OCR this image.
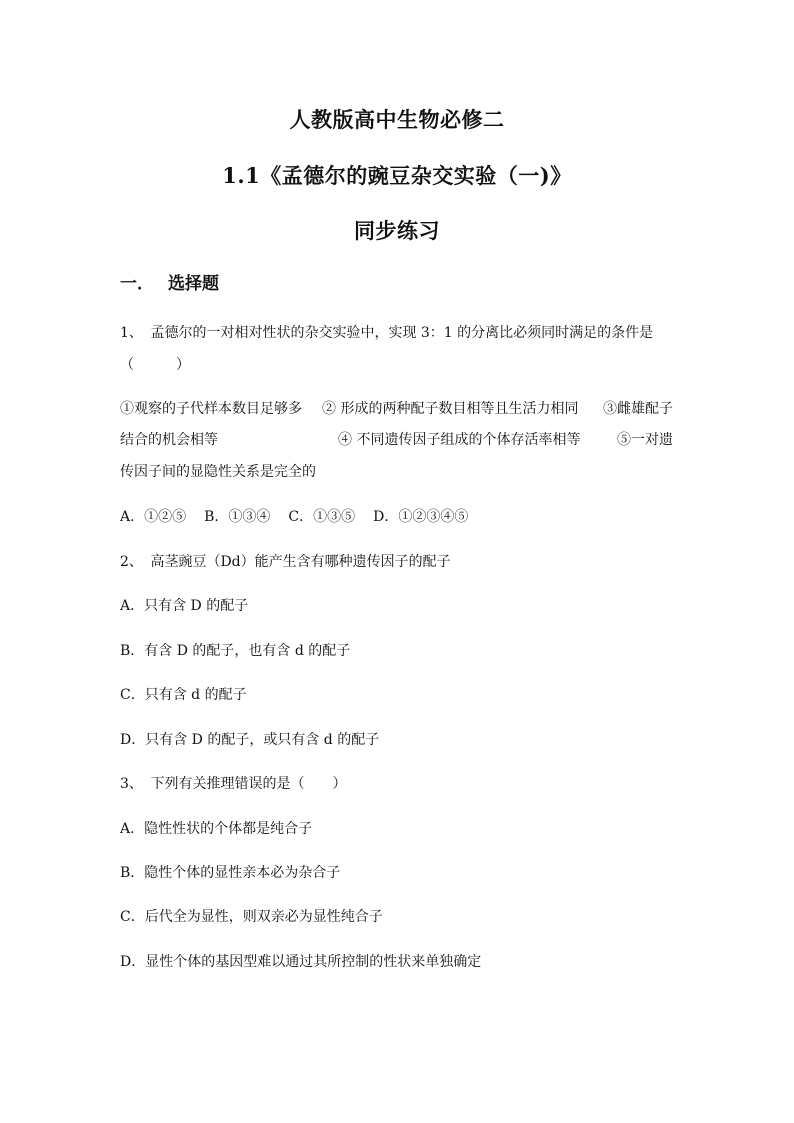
人教版高中生物必修二
1.1《孟德尔的豌豆杂交实验（一)》
同步练习
一． 选择题
1、 孟德尔的一对相对性状的杂交实验中，实现 3：1 的分离比必须同时满足的条件是
（　　　）
①观察的子代样本数目足够多 ② 形成的两种配子数目相等且生活力相同 ③雌雄配子
结合的机会相等	④ 不同遗传因子组成的个体存活率相等	⑤一对遗
传因子间的显隐性关系是完全的
A．①②⑤ B．①③④ C．①③⑤ D．①②③④⑤
2、 高茎豌豆（Dd）能产生含有哪种遗传因子的配子
A．只有含 D 的配子
B．有含 D 的配子，也有含 d 的配子
C．只有含 d 的配子
D．只有含 D 的配子，或只有含 d 的配子
3、 下列有关推理错误的是（　　）
A．隐性性状的个体都是纯合子
B．隐性个体的显性亲本必为杂合子
C．后代全为显性，则双亲必为显性纯合子
D．显性个体的基因型难以通过其所控制的性状来单独确定
